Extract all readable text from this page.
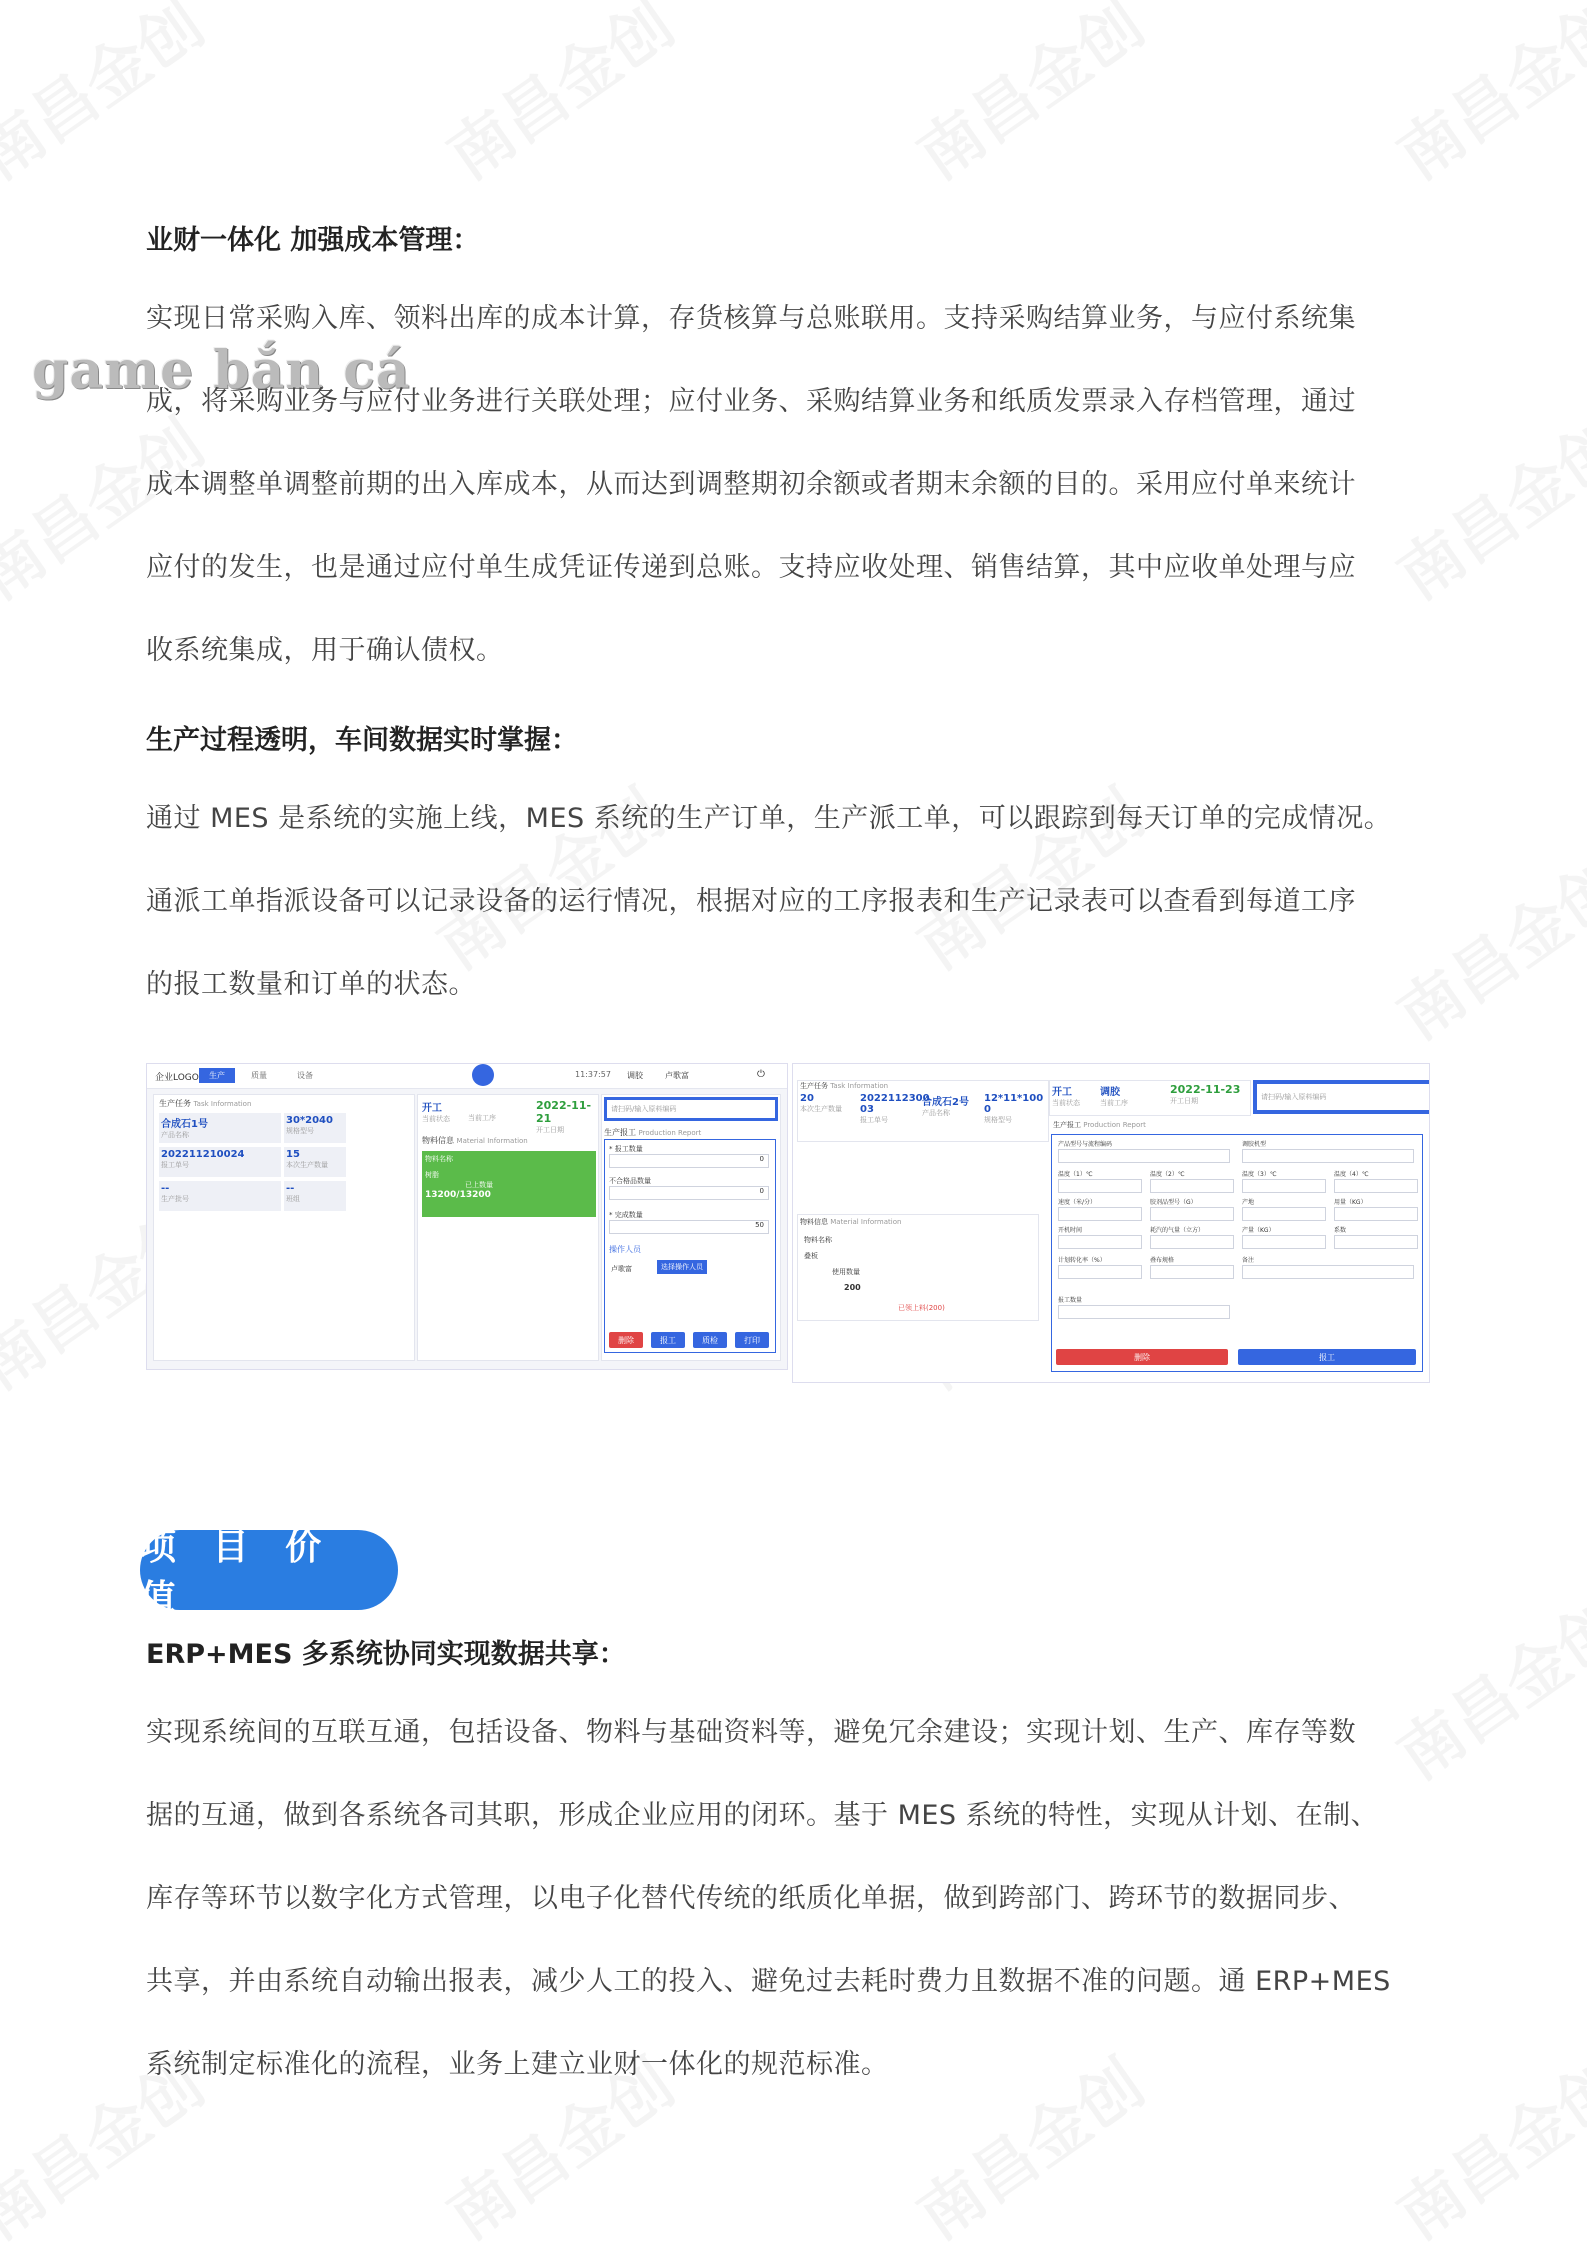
game bắn cá
业财一体化 加强成本管理：
实现日常采购入库、领料出库的成本计算，存货核算与总账联用。支持采购结算业务，与应付系统集
成，将采购业务与应付业务进行关联处理；应付业务、采购结算业务和纸质发票录入存档管理，通过
成本调整单调整前期的出入库成本，从而达到调整期初余额或者期末余额的目的。采用应付单来统计
应付的发生，也是通过应付单生成凭证传递到总账。支持应收处理、销售结算，其中应收单处理与应
收系统集成，用于确认债权。
生产过程透明，车间数据实时掌握：
通过 MES 是系统的实施上线，MES 系统的生产订单，生产派工单，可以跟踪到每天订单的完成情况。
通派工单指派设备可以记录设备的运行情况，根据对应的工序报表和生产记录表可以查看到每道工序
的报工数量和订单的状态。
企业LOGO	生产	质量	设备	11:37:57 调胶	卢歌富	⏻
生产任务 Task Information
合成石1号
产品名称
30*2040
规格型号
202211210024
报工单号
15
本次生产数量
--
生产批号
--
班组
开工
当前状态	当前工序
2022-11-21
开工日期
物料信息 Material Information
物料名称
树脂
已上数量
13200/13200
请扫码/输入原料编码
生产报工 Production Report
* 报工数量
0
不合格品数量
0
* 完成数量
50
操作人员
卢歌富	选择操作人员
删除	报工	质检	打印
生产任务 Task Information
20
本次生产数量
2022112300 03
报工单号
合成石2号
产品名称
12*11*100 0
规格型号
物料信息 Material Information
物料名称
叠板
使用数量
200
已领上料(200)
开工
当前状态
调胶
当前工序
2022-11-23
开工日期	请扫码/输入原料编码
生产报工 Production Report
产品型号与流程编码	调胶机型
温度（1）℃	温度（2）℃	温度（3）℃	温度（4）℃
速度（米/分）	胶剂品型号（G）	产地	用量（KG）
开机时间	耗汽的气量（立方）	产量（KG）	系数
计划转化率（%）	叠布规格	备注
报工数量
删除	报工
项 目 价 值
ERP+MES 多系统协同实现数据共享：
实现系统间的互联互通，包括设备、物料与基础资料等，避免冗余建设；实现计划、生产、库存等数
据的互通，做到各系统各司其职，形成企业应用的闭环。基于 MES 系统的特性，实现从计划、在制、
库存等环节以数字化方式管理，以电子化替代传统的纸质化单据，做到跨部门、跨环节的数据同步、
共享，并由系统自动输出报表，减少人工的投入、避免过去耗时费力且数据不准的问题。通 ERP+MES
系统制定标准化的流程，业务上建立业财一体化的规范标准。
